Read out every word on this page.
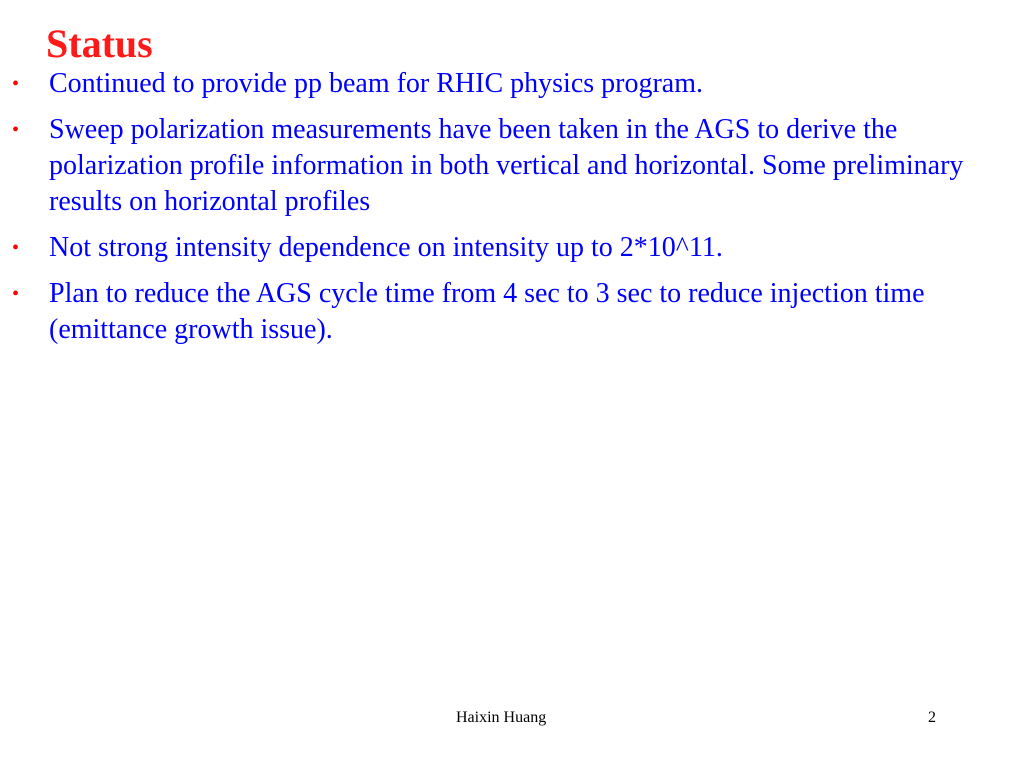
Status
•	Continued to provide pp beam for RHIC physics program.
•	Sweep polarization measurements have been taken in the AGS to derive the polarization profile information in both vertical and horizontal. Some preliminary results on horizontal profiles
•	Not strong intensity dependence on intensity up to 2*10^11.
•	Plan to reduce the AGS cycle time from 4 sec to 3 sec to reduce injection time (emittance growth issue).
Haixin Huang	2
